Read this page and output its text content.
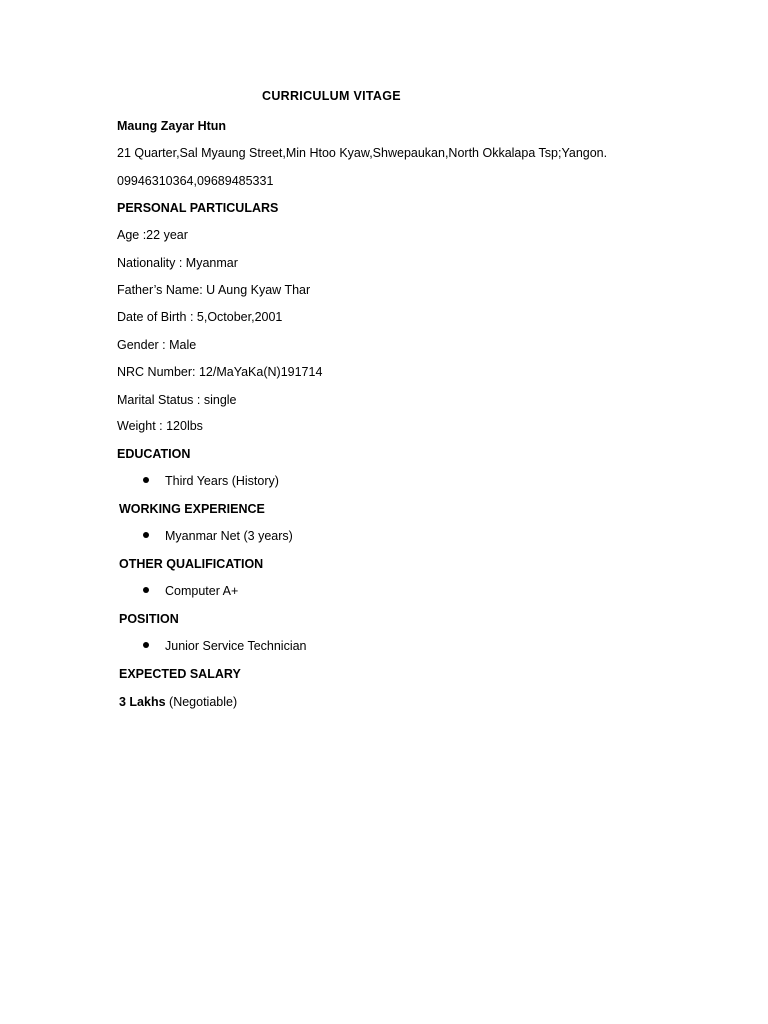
CURRICULUM VITAGE
Maung Zayar Htun
21 Quarter,Sal Myaung Street,Min Htoo Kyaw,Shwepaukan,North Okkalapa Tsp;Yangon.
09946310364,09689485331
PERSONAL PARTICULARS
Age :22 year
Nationality : Myanmar
Father’s Name: U Aung Kyaw Thar
Date of Birth : 5,October,2001
Gender : Male
NRC Number: 12/MaYaKa(N)191714
Marital Status : single
Weight : 120lbs
EDUCATION
Third Years (History)
WORKING EXPERIENCE
Myanmar Net (3 years)
OTHER QUALIFICATION
Computer A+
POSITION
Junior Service Technician
EXPECTED SALARY
3 Lakhs (Negotiable)
